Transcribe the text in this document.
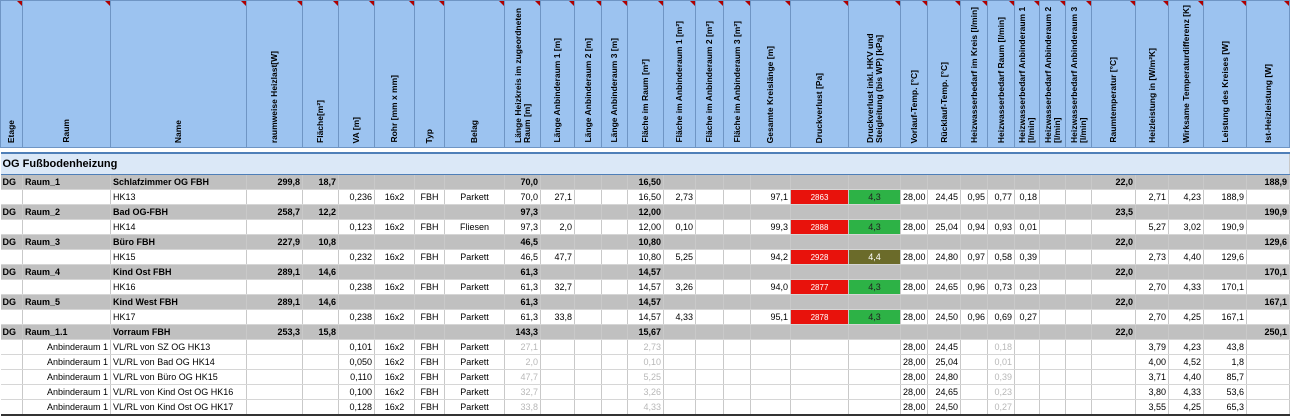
Etage	Raum	Name	raumweise Heizlast[W]	Fläche[m²]	VA [m]	Rohr [mm x mm]	Typ	Belag	Länge Heizkreis im zugeordneten Raum [m]	Länge Anbinderaum 1 [m]	Länge Anbinderaum 2 [m]	Länge Anbinderaum 3 [m]	Fläche im Raum [m²]	Fläche im Anbinderaum 1 [m²]	Fläche im Anbinderaum 2 [m²]	Fläche im Anbinderaum 3 [m²]	Gesamte Kreislänge [m]	Druckverlust [Pa]	Druckverlust inkl. HKV und Steigleitung (bis WP) [kPa]	Vorlauf-Temp. [°C]	Rücklauf-Temp. [°C]	Heizwasserbedarf im Kreis [l/min]	Heizwasserbedarf Raum [l/min]	Heizwasserbedarf Anbinderaum 1 [l/min]	Heizwasserbedarf Anbinderaum 2 [l/min]	Heizwasserbedarf Anbinderaum 3 [l/min]	Raumtemperatur [°C]	Heizleistung in [W/m²K]	Wirksame Temperaturdifferenz [K]	Leistung des Kreises [W]	Ist-Heizleistung [W]

OG Fußbodenheizung																															
DG	Raum_1	Schlafzimmer OG FBH	299,8	18,7					70,0				16,50														22,0				188,9
		HK13			0,236	16x2	FBH	Parkett	70,0	27,1			16,50	2,73			97,1	2863	4,3	28,00	24,45	0,95	0,77	0,18				2,71	4,23	188,9	
DG	Raum_2	Bad OG-FBH	258,7	12,2					97,3				12,00														23,5				190,9
		HK14			0,123	16x2	FBH	Fliesen	97,3	2,0			12,00	0,10			99,3	2888	4,3	28,00	25,04	0,94	0,93	0,01				5,27	3,02	190,9	
DG	Raum_3	Büro FBH	227,9	10,8					46,5				10,80														22,0				129,6
		HK15			0,232	16x2	FBH	Parkett	46,5	47,7			10,80	5,25			94,2	2928	4,4	28,00	24,80	0,97	0,58	0,39				2,73	4,40	129,6	
DG	Raum_4	Kind Ost FBH	289,1	14,6					61,3				14,57														22,0				170,1
		HK16			0,238	16x2	FBH	Parkett	61,3	32,7			14,57	3,26			94,0	2877	4,3	28,00	24,65	0,96	0,73	0,23				2,70	4,33	170,1	
DG	Raum_5	Kind West FBH	289,1	14,6					61,3				14,57														22,0				167,1
		HK17			0,238	16x2	FBH	Parkett	61,3	33,8			14,57	4,33			95,1	2878	4,3	28,00	24,50	0,96	0,69	0,27				2,70	4,25	167,1	
DG	Raum_1.1	Vorraum FBH	253,3	15,8					143,3				15,67														22,0				250,1
	Anbinderaum 1	VL/RL von SZ OG HK13			0,101	16x2	FBH	Parkett	27,1				2,73							28,00	24,45		0,18					3,79	4,23	43,8	
	Anbinderaum 1	VL/RL von Bad OG HK14			0,050	16x2	FBH	Parkett	2,0				0,10							28,00	25,04		0,01					4,00	4,52	1,8	
	Anbinderaum 1	VL/RL von Büro OG HK15			0,110	16x2	FBH	Parkett	47,7				5,25							28,00	24,80		0,39					3,71	4,40	85,7	
	Anbinderaum 1	VL/RL von Kind Ost OG HK16			0,100	16x2	FBH	Parkett	32,7				3,26							28,00	24,65		0,23					3,80	4,33	53,6	
	Anbinderaum 1	VL/RL von Kind Ost OG HK17			0,128	16x2	FBH	Parkett	33,8				4,33							28,00	24,50		0,27					3,55	4,25	65,3	
